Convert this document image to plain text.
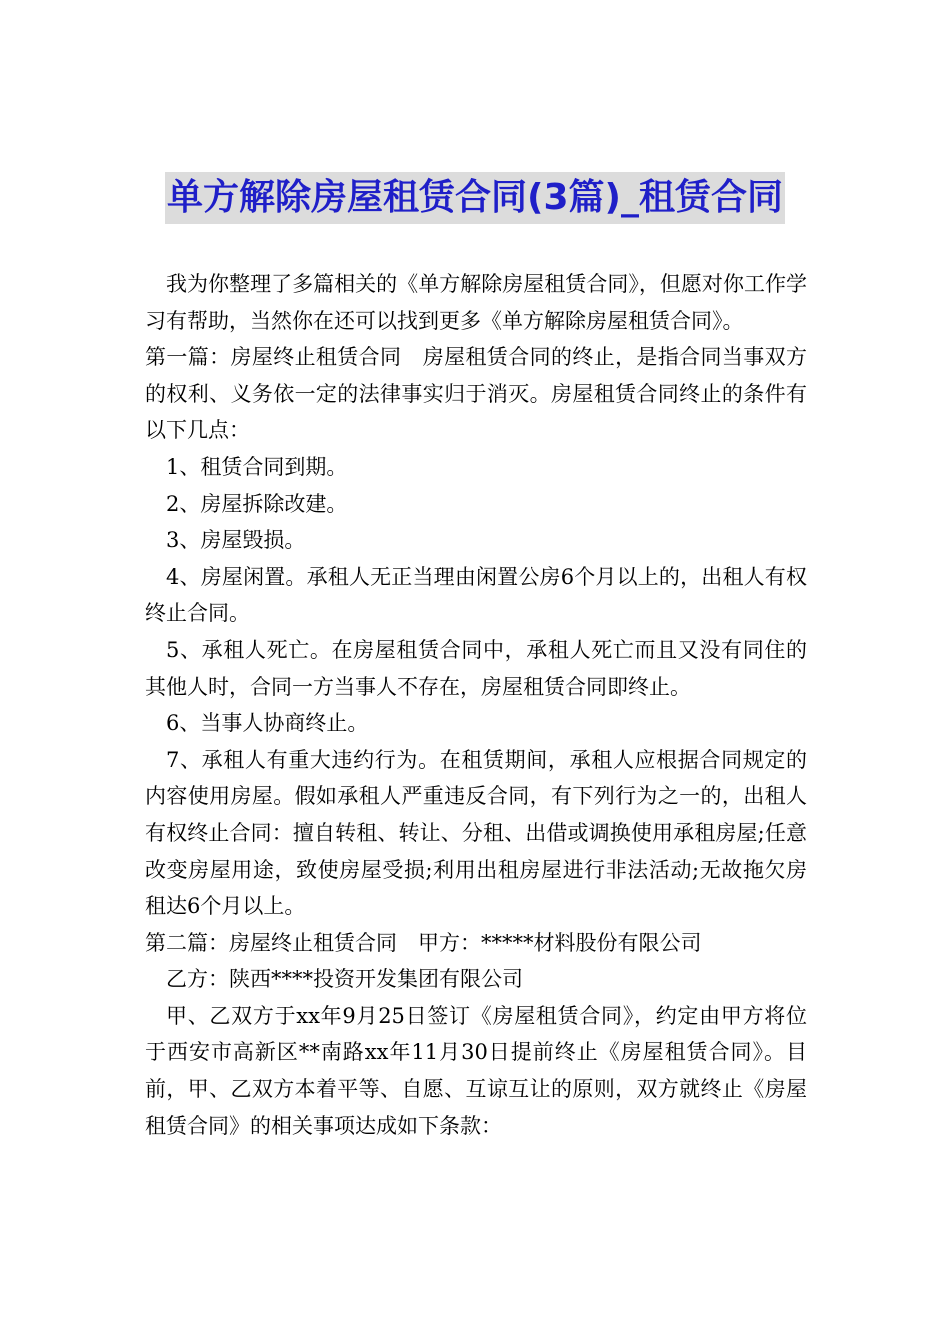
单方解除房屋租赁合同(3篇)_租赁合同

我为你整理了多篇相关的《单方解除房屋租赁合同》，但愿对你工作学习有帮助，当然你在还可以找到更多《单方解除房屋租赁合同》。

第一篇：房屋终止租赁合同　房屋租赁合同的终止，是指合同当事双方的权利、义务依一定的法律事实归于消灭。房屋租赁合同终止的条件有以下几点：

1、租赁合同到期。

2、房屋拆除改建。

3、房屋毁损。

4、房屋闲置。承租人无正当理由闲置公房6个月以上的，出租人有权终止合同。

5、承租人死亡。在房屋租赁合同中，承租人死亡而且又没有同住的其他人时，合同一方当事人不存在，房屋租赁合同即终止。

6、当事人协商终止。

7、承租人有重大违约行为。在租赁期间，承租人应根据合同规定的内容使用房屋。假如承租人严重违反合同，有下列行为之一的，出租人有权终止合同：擅自转租、转让、分租、出借或调换使用承租房屋;任意改变房屋用途，致使房屋受损;利用出租房屋进行非法活动;无故拖欠房租达6个月以上。

第二篇：房屋终止租赁合同　甲方：*****材料股份有限公司

乙方：陕西****投资开发集团有限公司

甲、乙双方于xx年9月25日签订《房屋租赁合同》，约定由甲方将位于西安市高新区**南路xx年11月30日提前终止《房屋租赁合同》。目前，甲、乙双方本着平等、自愿、互谅互让的原则，双方就终止《房屋租赁合同》的相关事项达成如下条款：
